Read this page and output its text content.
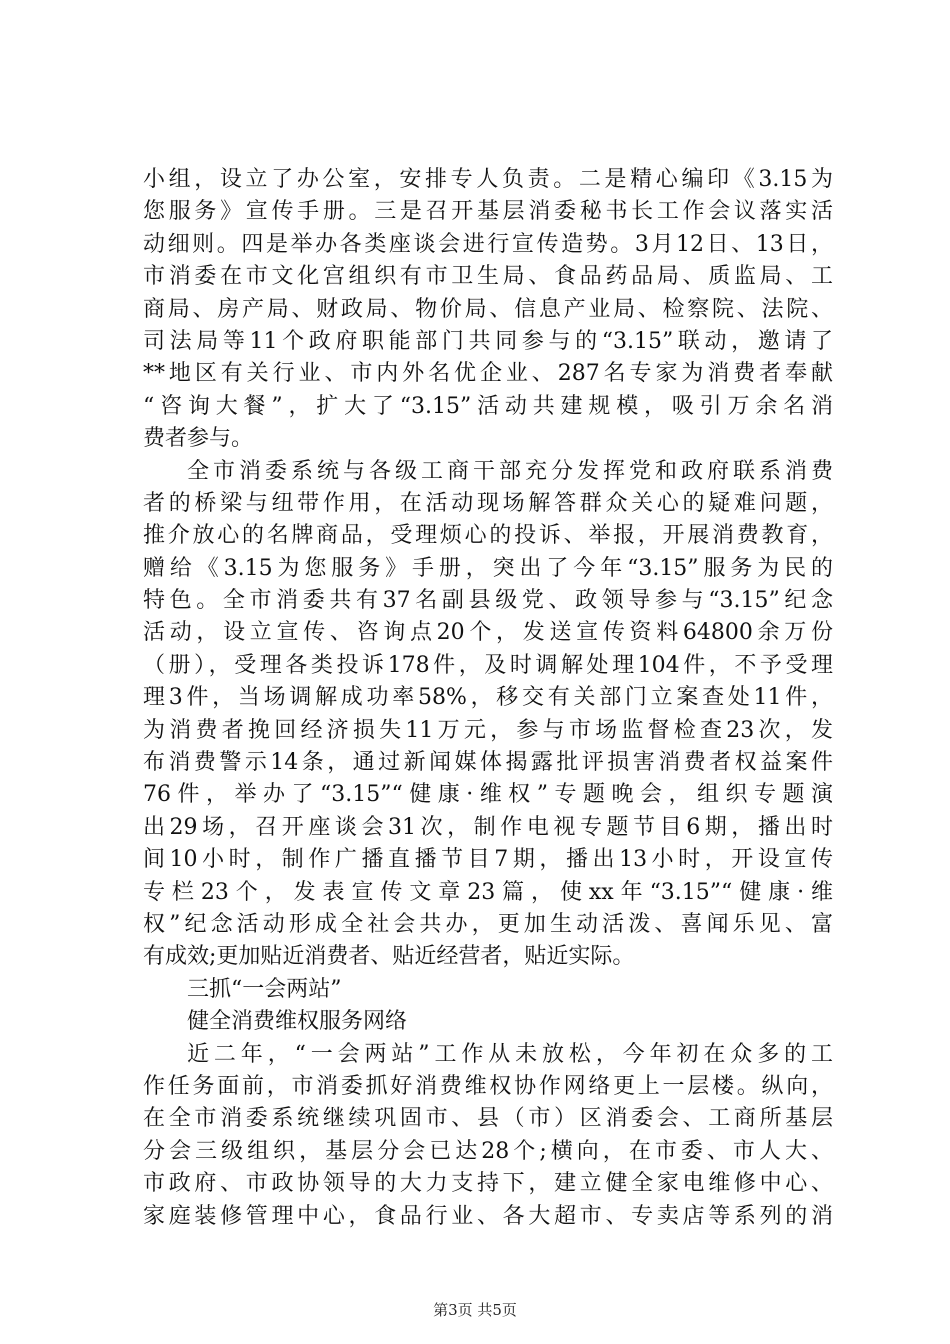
小组，设立了办公室，安排专人负责。二是精心编印《3.15为
您服务》宣传手册。三是召开基层消委秘书长工作会议落实活
动细则。四是举办各类座谈会进行宣传造势。3月12日、13日，
市消委在市文化宫组织有市卫生局、食品药品局、质监局、工
商局、房产局、财政局、物价局、信息产业局、检察院、法院、
司法局等11个政府职能部门共同参与的“3.15”联动，邀请了
**地区有关行业、市内外名优企业、287名专家为消费者奉献
“咨询大餐”，扩大了“3.15”活动共建规模，吸引万余名消
费者参与。
全市消委系统与各级工商干部充分发挥党和政府联系消费
者的桥梁与纽带作用，在活动现场解答群众关心的疑难问题，
推介放心的名牌商品，受理烦心的投诉、举报，开展消费教育，
赠给《3.15为您服务》手册，突出了今年“3.15”服务为民的
特色。全市消委共有37名副县级党、政领导参与“3.15”纪念
活动，设立宣传、咨询点20个，发送宣传资料64800余万份
（册），受理各类投诉178件，及时调解处理104件，不予受理
理3件，当场调解成功率58%，移交有关部门立案查处11件，
为消费者挽回经济损失11万元，参与市场监督检查23次，发
布消费警示14条，通过新闻媒体揭露批评损害消费者权益案件
76件，举办了“3.15”“健康·维权”专题晚会，组织专题演
出29场，召开座谈会31次，制作电视专题节目6期，播出时
间10小时，制作广播直播节目7期，播出13小时，开设宣传
专栏23个，发表宣传文章23篇，使xx年“3.15”“健康·维
权”纪念活动形成全社会共办，更加生动活泼、喜闻乐见、富
有成效;更加贴近消费者、贴近经营者，贴近实际。
三抓“一会两站”
健全消费维权服务网络
近二年，“一会两站”工作从未放松，今年初在众多的工
作任务面前，市消委抓好消费维权协作网络更上一层楼。纵向，
在全市消委系统继续巩固市、县（市）区消委会、工商所基层
分会三级组织，基层分会已达28个;横向，在市委、市人大、
市政府、市政协领导的大力支持下，建立健全家电维修中心、
家庭装修管理中心，食品行业、各大超市、专卖店等系列的消
第3页 共5页
